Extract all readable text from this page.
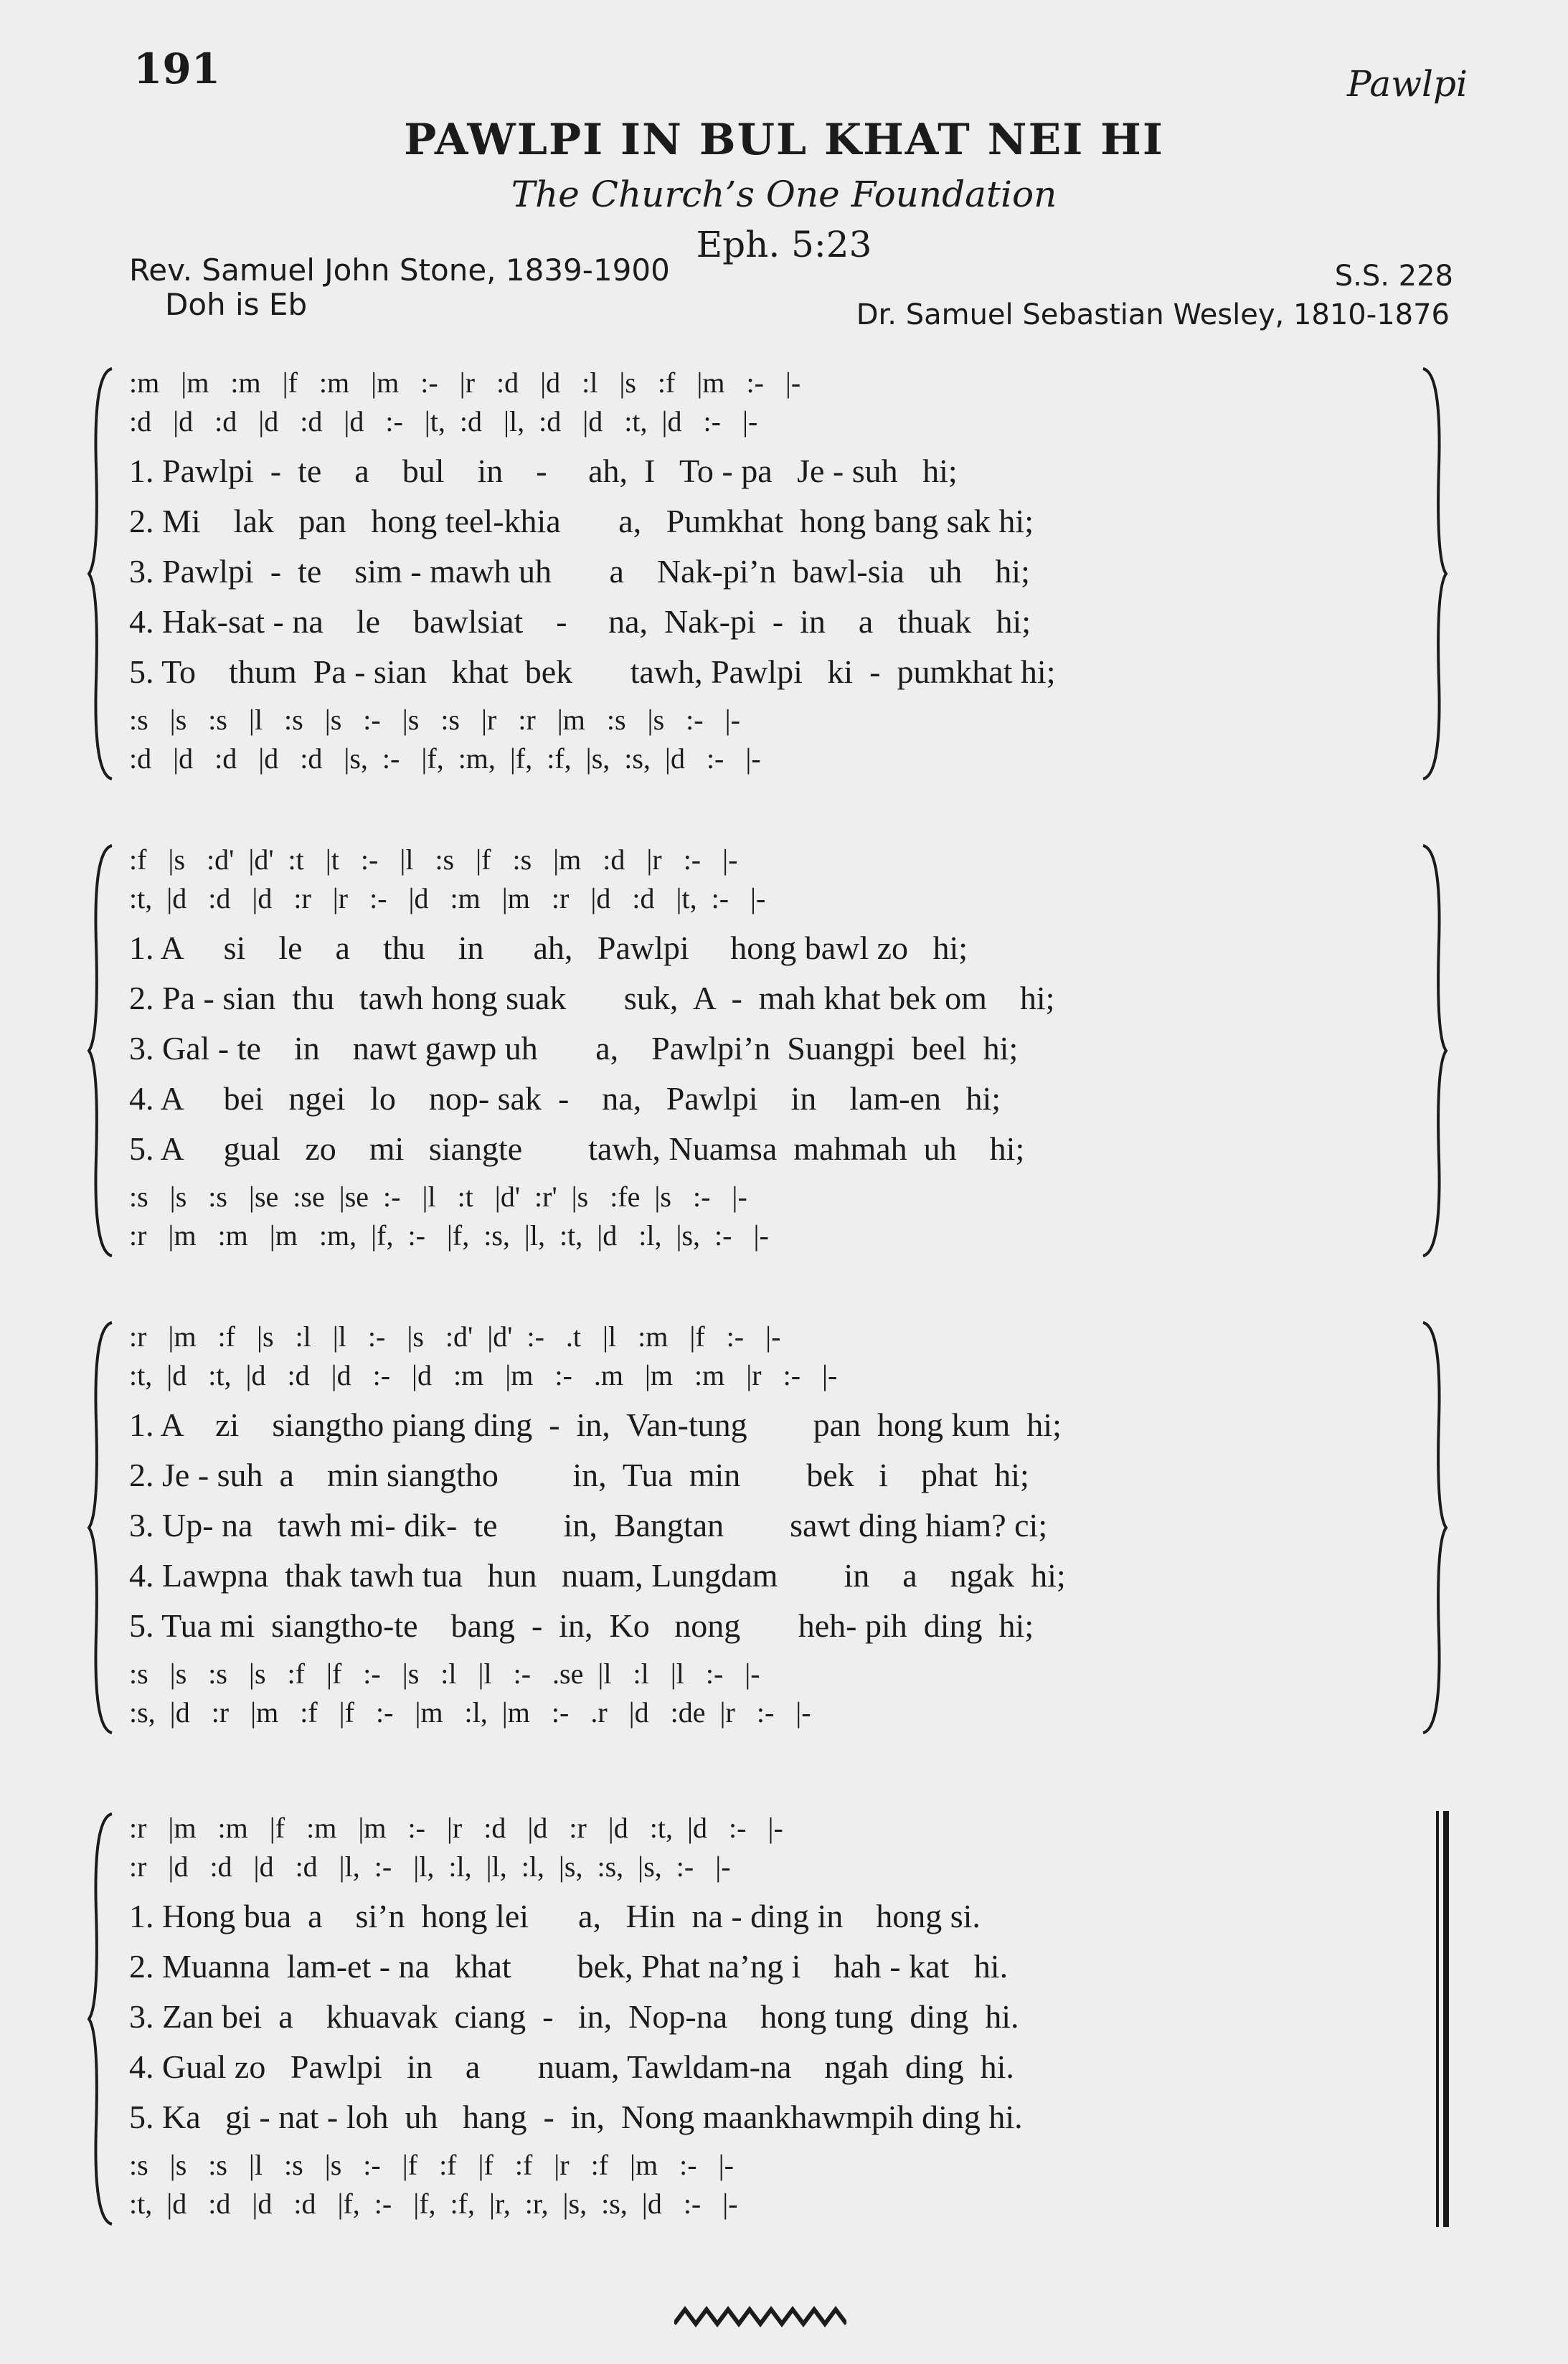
191	Pawlpi
PAWLPI IN BUL KHAT NEI HI
The Church’s One Foundation
Eph. 5:23
Rev. Samuel John Stone, 1839-1900	S.S. 228
Doh is Eb	Dr. Samuel Sebastian Wesley, 1810-1876
:m   |m   :m   |f   :m   |m   :-   |r   :d   |d   :l   |s   :f   |m   :-   |-
:d   |d   :d   |d   :d   |d   :-   |t,  :d   |l,  :d   |d   :t,  |d   :-   |-
1. Pawlpi  -  te    a    bul    in    -     ah,  I   To - pa   Je - suh   hi;
2. Mi    lak   pan   hong teel-khia       a,   Pumkhat  hong bang sak hi;
3. Pawlpi  -  te    sim - mawh uh       a    Nak-pi’n  bawl-sia   uh    hi;
4. Hak-sat - na    le    bawlsiat    -     na,  Nak-pi  -  in    a   thuak   hi;
5. To    thum  Pa - sian   khat  bek       tawh, Pawlpi   ki  -  pumkhat hi;
:s   |s   :s   |l   :s   |s   :-   |s   :s   |r   :r   |m   :s   |s   :-   |-
:d   |d   :d   |d   :d   |s,  :-   |f,  :m,  |f,  :f,  |s,  :s,  |d   :-   |-
:f   |s   :d'  |d'  :t   |t   :-   |l   :s   |f   :s   |m   :d   |r   :-   |-
:t,  |d   :d   |d   :r   |r   :-   |d   :m   |m   :r   |d   :d   |t,  :-   |-
1. A     si    le    a    thu    in      ah,   Pawlpi     hong bawl zo   hi;
2. Pa - sian  thu   tawh hong suak       suk,  A  -  mah khat bek om    hi;
3. Gal - te    in    nawt gawp uh       a,    Pawlpi’n  Suangpi  beel  hi;
4. A     bei   ngei   lo    nop- sak  -    na,   Pawlpi    in    lam-en   hi;
5. A     gual   zo    mi   siangte        tawh, Nuamsa  mahmah  uh    hi;
:s   |s   :s   |se  :se  |se  :-   |l   :t   |d'  :r'  |s   :fe  |s   :-   |-
:r   |m   :m   |m   :m,  |f,  :-   |f,  :s,  |l,  :t,  |d   :l,  |s,  :-   |-
:r   |m   :f   |s   :l   |l   :-   |s   :d'  |d'  :-   .t   |l   :m   |f   :-   |-
:t,  |d   :t,  |d   :d   |d   :-   |d   :m   |m   :-   .m   |m   :m   |r   :-   |-
1. A    zi    siangtho piang ding  -  in,  Van-tung        pan  hong kum  hi;
2. Je - suh  a    min siangtho         in,  Tua  min        bek   i    phat  hi;
3. Up- na   tawh mi- dik-  te        in,  Bangtan        sawt ding hiam? ci;
4. Lawpna  thak tawh tua   hun   nuam, Lungdam        in    a    ngak  hi;
5. Tua mi  siangtho-te    bang  -  in,  Ko   nong       heh- pih  ding  hi;
:s   |s   :s   |s   :f   |f   :-   |s   :l   |l   :-   .se  |l   :l   |l   :-   |-
:s,  |d   :r   |m   :f   |f   :-   |m   :l,  |m   :-   .r   |d   :de  |r   :-   |-
:r   |m   :m   |f   :m   |m   :-   |r   :d   |d   :r   |d   :t,  |d   :-   |-
:r   |d   :d   |d   :d   |l,  :-   |l,  :l,  |l,  :l,  |s,  :s,  |s,  :-   |-
1. Hong bua  a    si’n  hong lei      a,   Hin  na - ding in    hong si.
2. Muanna  lam-et - na   khat        bek, Phat na’ng i    hah - kat   hi.
3. Zan bei  a    khuavak  ciang  -   in,  Nop-na    hong tung  ding  hi.
4. Gual zo   Pawlpi   in    a       nuam, Tawldam-na    ngah  ding  hi.
5. Ka   gi - nat - loh  uh   hang  -  in,  Nong maankhawmpih ding hi.
:s   |s   :s   |l   :s   |s   :-   |f   :f   |f   :f   |r   :f   |m   :-   |-
:t,  |d   :d   |d   :d   |f,  :-   |f,  :f,  |r,  :r,  |s,  :s,  |d   :-   |-
